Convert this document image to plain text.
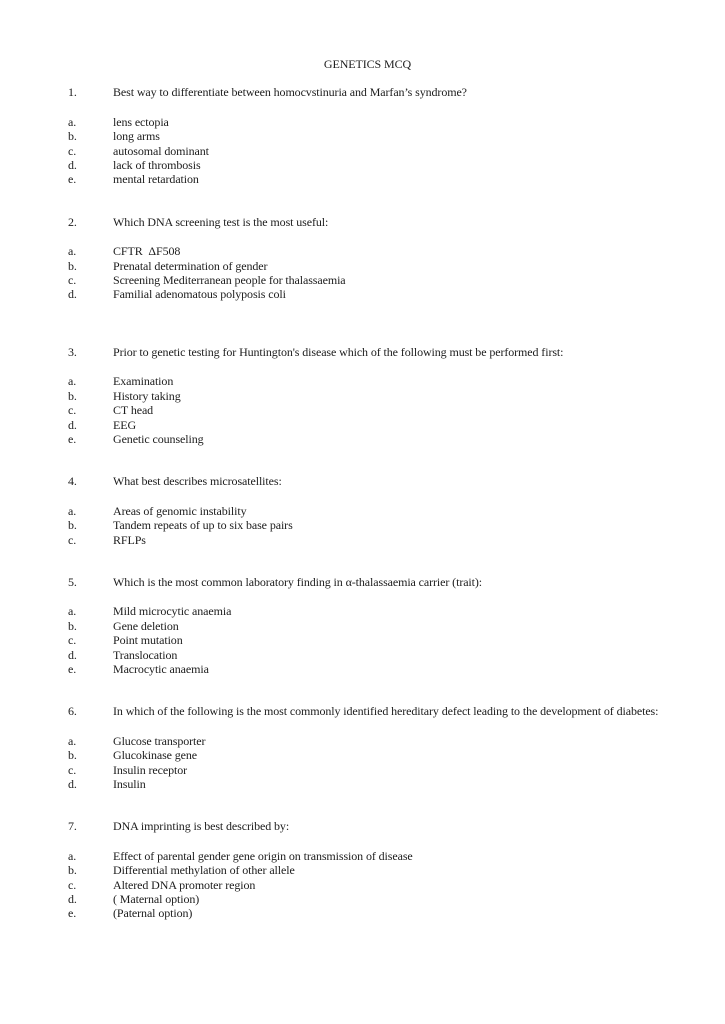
GENETICS MCQ

1.	Best way to differentiate between homocvstinuria and Marfan’s syndrome?

a.	lens ectopia

b.	long arms

c.	autosomal dominant

d.	lack of thrombosis

e.	mental retardation

2.	Which DNA screening test is the most useful:

a.	CFTR  ΔF508

b.	Prenatal determination of gender

c.	Screening Mediterranean people for thalassaemia

d.	Familial adenomatous polyposis coli

3.	Prior to genetic testing for Huntington's disease which of the following must be performed first:

a.	Examination

b.	History taking

c.	CT head

d.	EEG

e.	Genetic counseling

4.	What best describes microsatellites:

a.	Areas of genomic instability

b.	Tandem repeats of up to six base pairs

c.	RFLPs

5.	Which is the most common laboratory finding in α-thalassaemia carrier (trait):

a.	Mild microcytic anaemia

b.	Gene deletion

c.	Point mutation

d.	Translocation

e.	Macrocytic anaemia

6.	In which of the following is the most commonly identified hereditary defect leading to the development of diabetes:

a.	Glucose transporter

b.	Glucokinase gene

c.	Insulin receptor

d.	Insulin

7.	DNA imprinting is best described by:

a.	Effect of parental gender gene origin on transmission of disease

b.	Differential methylation of other allele

c.	Altered DNA promoter region

d.	( Maternal option)

e.	(Paternal option)
